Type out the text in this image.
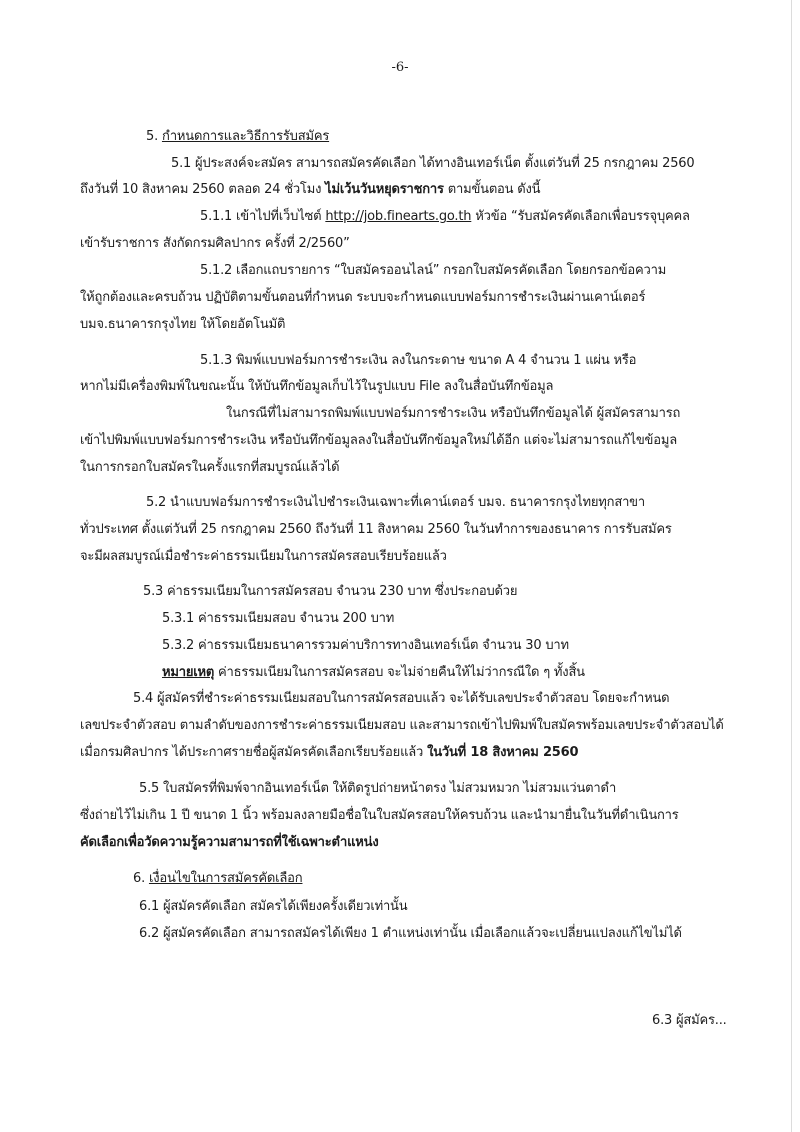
-6-
5. กำหนดการและวิธีการรับสมัคร
5.1 ผู้ประสงค์จะสมัคร สามารถสมัครคัดเลือก ได้ทางอินเทอร์เน็ต ตั้งแต่วันที่ 25 กรกฎาคม 2560
ถึงวันที่ 10 สิงหาคม 2560 ตลอด 24 ชั่วโมง ไม่เว้นวันหยุดราชการ ตามขั้นตอน ดังนี้
5.1.1 เข้าไปที่เว็บไซต์ http://job.finearts.go.th หัวข้อ “รับสมัครคัดเลือกเพื่อบรรจุบุคคล
เข้ารับราชการ สังกัดกรมศิลปากร ครั้งที่ 2/2560”
5.1.2 เลือกแถบรายการ “ใบสมัครออนไลน์” กรอกใบสมัครคัดเลือก โดยกรอกข้อความ
ให้ถูกต้องและครบถ้วน ปฏิบัติตามขั้นตอนที่กำหนด ระบบจะกำหนดแบบฟอร์มการชำระเงินผ่านเคาน์เตอร์
บมจ.ธนาคารกรุงไทย ให้โดยอัตโนมัติ
5.1.3 พิมพ์แบบฟอร์มการชำระเงิน ลงในกระดาษ ขนาด A 4 จำนวน 1 แผ่น หรือ
หากไม่มีเครื่องพิมพ์ในขณะนั้น ให้บันทึกข้อมูลเก็บไว้ในรูปแบบ File ลงในสื่อบันทึกข้อมูล
ในกรณีที่ไม่สามารถพิมพ์แบบฟอร์มการชำระเงิน หรือบันทึกข้อมูลได้ ผู้สมัครสามารถ
เข้าไปพิมพ์แบบฟอร์มการชำระเงิน หรือบันทึกข้อมูลลงในสื่อบันทึกข้อมูลใหม่ได้อีก แต่จะไม่สามารถแก้ไขข้อมูล
ในการกรอกใบสมัครในครั้งแรกที่สมบูรณ์แล้วได้
5.2 นำแบบฟอร์มการชำระเงินไปชำระเงินเฉพาะที่เคาน์เตอร์ บมจ. ธนาคารกรุงไทยทุกสาขา
ทั่วประเทศ ตั้งแต่วันที่ 25 กรกฎาคม 2560 ถึงวันที่ 11 สิงหาคม 2560 ในวันทำการของธนาคาร การรับสมัคร
จะมีผลสมบูรณ์เมื่อชำระค่าธรรมเนียมในการสมัครสอบเรียบร้อยแล้ว
5.3 ค่าธรรมเนียมในการสมัครสอบ จำนวน 230 บาท ซึ่งประกอบด้วย
5.3.1 ค่าธรรมเนียมสอบ จำนวน 200 บาท
5.3.2 ค่าธรรมเนียมธนาคารรวมค่าบริการทางอินเทอร์เน็ต จำนวน 30 บาท
หมายเหตุ ค่าธรรมเนียมในการสมัครสอบ จะไม่จ่ายคืนให้ไม่ว่ากรณีใด ๆ ทั้งสิ้น
5.4 ผู้สมัครที่ชำระค่าธรรมเนียมสอบในการสมัครสอบแล้ว จะได้รับเลขประจำตัวสอบ โดยจะกำหนด
เลขประจำตัวสอบ ตามลำดับของการชำระค่าธรรมเนียมสอบ และสามารถเข้าไปพิมพ์ใบสมัครพร้อมเลขประจำตัวสอบได้
เมื่อกรมศิลปากร ได้ประกาศรายชื่อผู้สมัครคัดเลือกเรียบร้อยแล้ว ในวันที่ 18 สิงหาคม 2560
5.5 ใบสมัครที่พิมพ์จากอินเทอร์เน็ต ให้ติดรูปถ่ายหน้าตรง ไม่สวมหมวก ไม่สวมแว่นตาดำ
ซึ่งถ่ายไว้ไม่เกิน 1 ปี ขนาด 1 นิ้ว พร้อมลงลายมือชื่อในใบสมัครสอบให้ครบถ้วน และนำมายื่นในวันที่ดำเนินการ
คัดเลือกเพื่อวัดความรู้ความสามารถที่ใช้เฉพาะตำแหน่ง
6. เงื่อนไขในการสมัครคัดเลือก
6.1 ผู้สมัครคัดเลือก สมัครได้เพียงครั้งเดียวเท่านั้น
6.2 ผู้สมัครคัดเลือก สามารถสมัครได้เพียง 1 ตำแหน่งเท่านั้น เมื่อเลือกแล้วจะเปลี่ยนแปลงแก้ไขไม่ได้
6.3 ผู้สมัคร...
